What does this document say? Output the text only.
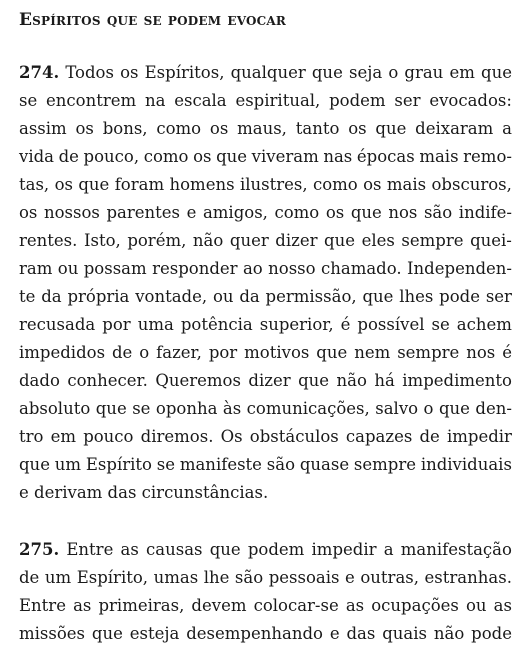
Espíritos que se podem evocar
274. Todos os Espíritos, qualquer que seja o grau em que
se encontrem na escala espiritual, podem ser evocados:
assim os bons, como os maus, tanto os que deixaram a
vida de pouco, como os que viveram nas épocas mais remo-
tas, os que foram homens ilustres, como os mais obscuros,
os nossos parentes e amigos, como os que nos são indife-
rentes. Isto, porém, não quer dizer que eles sempre quei-
ram ou possam responder ao nosso chamado. Independen-
te da própria vontade, ou da permissão, que lhes pode ser
recusada por uma potência superior, é possível se achem
impedidos de o fazer, por motivos que nem sempre nos é
dado conhecer. Queremos dizer que não há impedimento
absoluto que se oponha às comunicações, salvo o que den-
tro em pouco diremos. Os obstáculos capazes de impedir
que um Espírito se manifeste são quase sempre individuais
e derivam das circunstâncias.
275. Entre as causas que podem impedir a manifestação
de um Espírito, umas lhe são pessoais e outras, estranhas.
Entre as primeiras, devem colocar-se as ocupações ou as
missões que esteja desempenhando e das quais não pode
